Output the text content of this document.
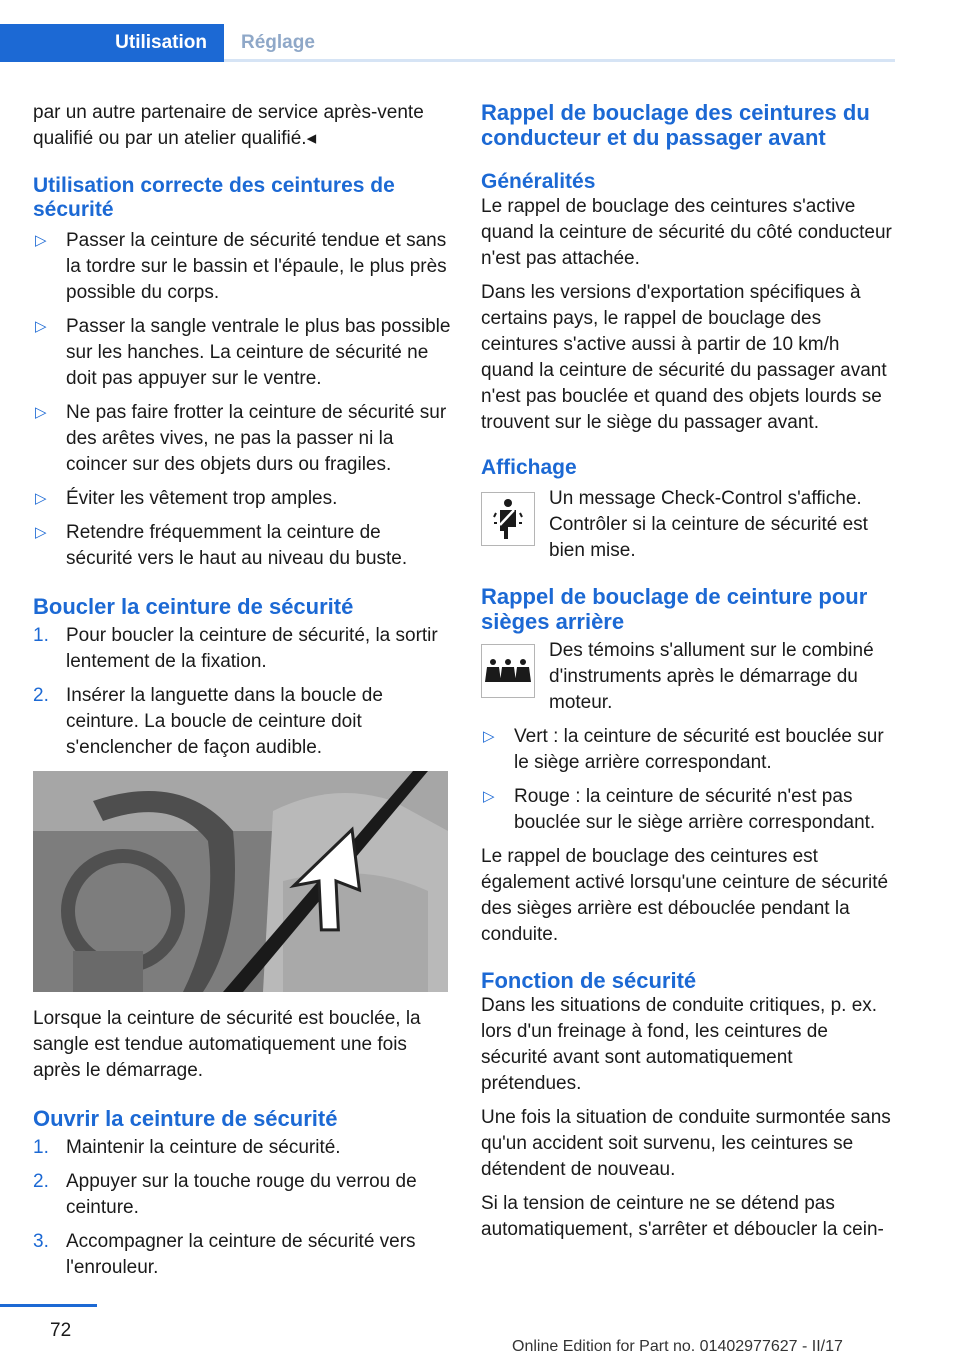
Utilisation	Réglage

par un autre partenaire de service après-vente qualifié ou par un atelier qualifié.◂

Utilisation correcte des ceintures de sécurité
▷ Passer la ceinture de sécurité tendue et sans la tordre sur le bassin et l'épaule, le plus près possible du corps.
▷ Passer la sangle ventrale le plus bas possible sur les hanches. La ceinture de sécurité ne doit pas appuyer sur le ventre.
▷ Ne pas faire frotter la ceinture de sécurité sur des arêtes vives, ne pas la passer ni la coincer sur des objets durs ou fragiles.
▷ Éviter les vêtement trop amples.
▷ Retendre fréquemment la ceinture de sécurité vers le haut au niveau du buste.
Boucler la ceinture de sécurité
1. Pour boucler la ceinture de sécurité, la sortir lentement de la fixation.
2. Insérer la languette dans la boucle de ceinture. La boucle de ceinture doit s'enclencher de façon audible.

Lorsque la ceinture de sécurité est bouclée, la sangle est tendue automatiquement une fois après le démarrage.

Ouvrir la ceinture de sécurité
1. Maintenir la ceinture de sécurité.
2. Appuyer sur la touche rouge du verrou de ceinture.
3. Accompagner la ceinture de sécurité vers l'enrouleur.
Rappel de bouclage des ceintures du conducteur et du passager avant
Généralités

Le rappel de bouclage des ceintures s'active quand la ceinture de sécurité du côté conducteur n'est pas attachée.

Dans les versions d'exportation spécifiques à certains pays, le rappel de bouclage des ceintures s'active aussi à partir de 10 km/h quand la ceinture de sécurité du passager avant n'est pas bouclée et quand des objets lourds se trouvent sur le siège du passager avant.

Affichage
Un message Check-Control s'affiche. Contrôler si la ceinture de sécurité est bien mise.
Rappel de bouclage de ceinture pour sièges arrière
Des témoins s'allument sur le combiné d'instruments après le démarrage du moteur.
▷ Vert : la ceinture de sécurité est bouclée sur le siège arrière correspondant.
▷ Rouge : la ceinture de sécurité n'est pas bouclée sur le siège arrière correspondant.

Le rappel de bouclage des ceintures est également activé lorsqu'une ceinture de sécurité des sièges arrière est débouclée pendant la conduite.

Fonction de sécurité

Dans les situations de conduite critiques, p. ex. lors d'un freinage à fond, les ceintures de sécurité avant sont automatiquement prétendues.

Une fois la situation de conduite surmontée sans qu'un accident soit survenu, les ceintures se détendent de nouveau.

Si la tension de ceinture ne se détend pas automatiquement, s'arrêter et déboucler la cein-

72
Online Edition for Part no. 01402977627 - II/17
